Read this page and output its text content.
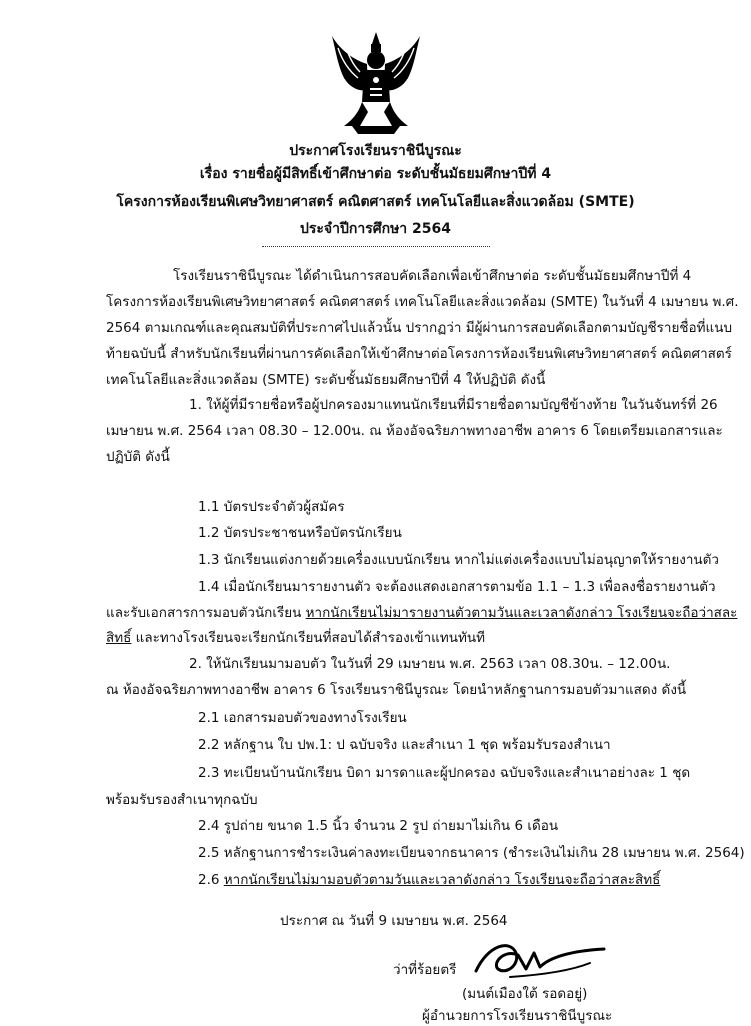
ประกาศโรงเรียนราชินีบูรณะ
เรื่อง รายชื่อผู้มีสิทธิ์เข้าศึกษาต่อ ระดับชั้นมัธยมศึกษาปีที่ 4
โครงการห้องเรียนพิเศษวิทยาศาสตร์ คณิตศาสตร์ เทคโนโลยีและสิ่งแวดล้อม (SMTE)
ประจำปีการศึกษา 2564
โรงเรียนราชินีบูรณะ ได้ดำเนินการสอบคัดเลือกเพื่อเข้าศึกษาต่อ ระดับชั้นมัธยมศึกษาปีที่ 4
โครงการห้องเรียนพิเศษวิทยาศาสตร์ คณิตศาสตร์ เทคโนโลยีและสิ่งแวดล้อม (SMTE) ในวันที่ 4 เมษายน พ.ศ.
2564 ตามเกณฑ์และคุณสมบัติที่ประกาศไปแล้วนั้น ปรากฏว่า มีผู้ผ่านการสอบคัดเลือกตามบัญชีรายชื่อที่แนบ
ท้ายฉบับนี้ สำหรับนักเรียนที่ผ่านการคัดเลือกให้เข้าศึกษาต่อโครงการห้องเรียนพิเศษวิทยาศาสตร์ คณิตศาสตร์
เทคโนโลยีและสิ่งแวดล้อม (SMTE) ระดับชั้นมัธยมศึกษาปีที่ 4 ให้ปฏิบัติ ดังนี้
1. ให้ผู้ที่มีรายชื่อหรือผู้ปกครองมาแทนนักเรียนที่มีรายชื่อตามบัญชีข้างท้าย ในวันจันทร์ที่ 26
เมษายน พ.ศ. 2564 เวลา 08.30 – 12.00น. ณ ห้องอัจฉริยภาพทางอาชีพ อาคาร 6 โดยเตรียมเอกสารและ
ปฏิบัติ ดังนี้
1.1 บัตรประจำตัวผู้สมัคร
1.2 บัตรประชาชนหรือบัตรนักเรียน
1.3 นักเรียนแต่งกายด้วยเครื่องแบบนักเรียน หากไม่แต่งเครื่องแบบไม่อนุญาตให้รายงานตัว
1.4 เมื่อนักเรียนมารายงานตัว จะต้องแสดงเอกสารตามข้อ 1.1 – 1.3 เพื่อลงชื่อรายงานตัว
และรับเอกสารการมอบตัวนักเรียน หากนักเรียนไม่มารายงานตัวตามวันและเวลาดังกล่าว โรงเรียนจะถือว่าสละ
สิทธิ์ และทางโรงเรียนจะเรียกนักเรียนที่สอบได้สำรองเข้าแทนทันที
2. ให้นักเรียนมามอบตัว ในวันที่ 29 เมษายน พ.ศ. 2563 เวลา 08.30น. – 12.00น.
ณ ห้องอัจฉริยภาพทางอาชีพ อาคาร 6 โรงเรียนราชินีบูรณะ โดยนำหลักฐานการมอบตัวมาแสดง ดังนี้
2.1 เอกสารมอบตัวของทางโรงเรียน
2.2 หลักฐาน ใบ ปพ.1: ป ฉบับจริง และสำเนา 1 ชุด พร้อมรับรองสำเนา
2.3 ทะเบียนบ้านนักเรียน บิดา มารดาและผู้ปกครอง ฉบับจริงและสำเนาอย่างละ 1 ชุด
พร้อมรับรองสำเนาทุกฉบับ
2.4 รูปถ่าย ขนาด 1.5 นิ้ว จำนวน 2 รูป ถ่ายมาไม่เกิน 6 เดือน
2.5 หลักฐานการชำระเงินค่าลงทะเบียนจากธนาคาร (ชำระเงินไม่เกิน 28 เมษายน พ.ศ. 2564)
2.6 หากนักเรียนไม่มามอบตัวตามวันและเวลาดังกล่าว โรงเรียนจะถือว่าสละสิทธิ์
ประกาศ ณ วันที่ 9 เมษายน พ.ศ. 2564
ว่าที่ร้อยตรี
(มนต์เมืองใต้ รอดอยู่)
ผู้อำนวยการโรงเรียนราชินีบูรณะ
